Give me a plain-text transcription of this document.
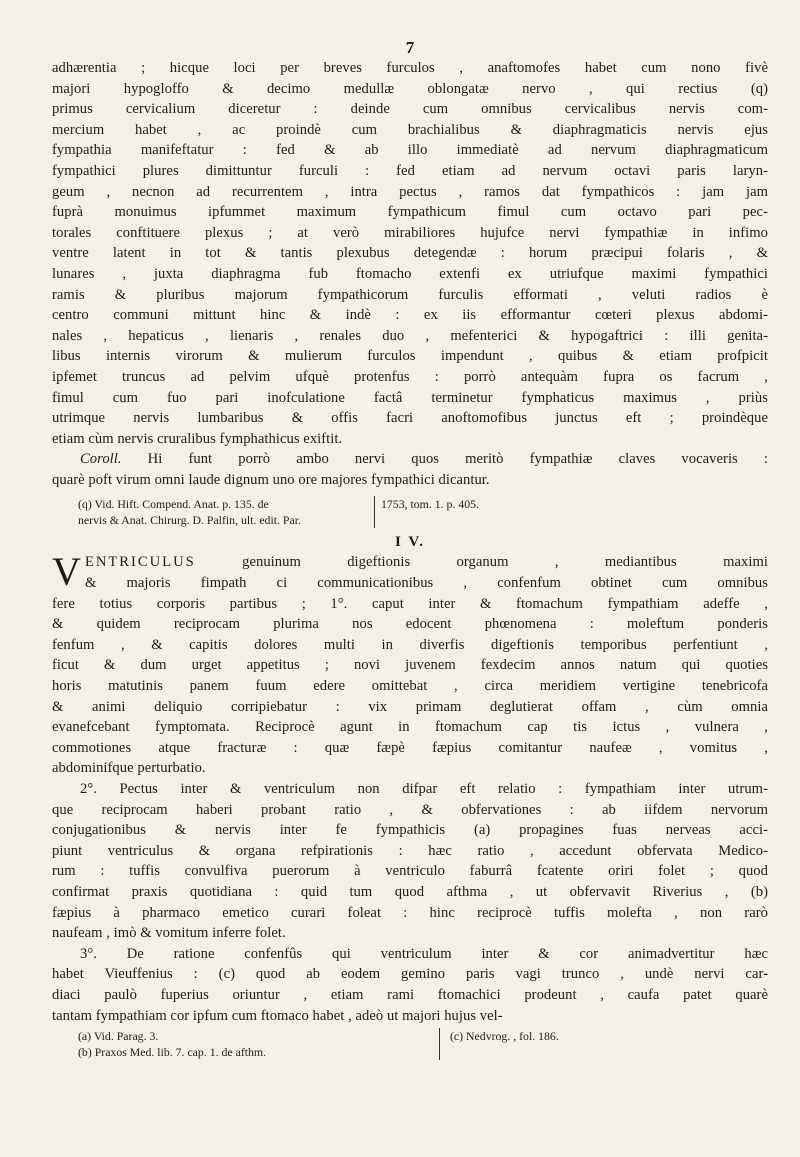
7
adhærentia ; hicque loci per breves furculos , anaftomofes habet cum nono fivè
majori hypogloffo & decimo medullæ oblongatæ nervo , qui rectius (q)
primus cervicalium diceretur : deinde cum omnibus cervicalibus nervis com-
mercium habet , ac proindè cum brachialibus & diaphragmaticis nervis ejus
fympathia manifeftatur : fed & ab illo immediatè ad nervum diaphragmaticum
fympathici plures dimittuntur furculi : fed etiam ad nervum octavi paris laryn-
geum , necnon ad recurrentem , intra pectus , ramos dat fympathicos : jam jam
fuprà monuimus ipfummet maximum fympathicum fimul cum octavo pari pec-
torales conftituere plexus ; at verò mirabiliores hujufce nervi fympathiæ in infimo
ventre latent in tot & tantis plexubus detegendæ : horum præcipui folaris , &
lunares , juxta diaphragma fub ftomacho extenfi ex utriufque maximi fympathici
ramis & pluribus majorum fympathicorum furculis efformati , veluti radios è
centro communi mittunt hinc & indè : ex iis efformantur cœteri plexus abdomi-
nales , hepaticus , lienaris , renales duo , mefenterici & hypogaftrici : illi genita-
libus internis virorum & mulierum furculos impendunt , quibus & etiam profpicit
ipfemet truncus ad pelvim ufquè protenfus : porrò antequàm fupra os facrum ,
fimul cum fuo pari inofculatione factâ terminetur fymphaticus maximus , priùs
utrimque nervis lumbaribus & offis facri anoftomofibus junctus eft ; proindèque
etiam cùm nervis cruralibus fymphathicus exiftit.
Coroll. Hi funt porrò ambo nervi quos meritò fympathiæ claves vocaveris :
quarè poft virum omni laude dignum uno ore majores fympathici dicantur.
(q) Vid. Hift. Compend. Anat. p. 135. de
nervis & Anat. Chirurg. D. Palfin, ult. edit. Par.
1753, tom. 1. p. 405.
I V.
V ENTRICULUS genuinum digeftionis organum , mediantibus maximi
& majoris fimpath ci communicationibus , confenfum obtinet cum omnibus
fere totius corporis partibus ; 1°. caput inter & ftomachum fympathiam adeffe ,
& quidem reciprocam plurima nos edocent phœnomena : moleftum ponderis
fenfum , & capitis dolores multi in diverfis digeftionis temporibus perfentiunt ,
ficut & dum urget appetitus ; novi juvenem fexdecim annos natum qui quoties
horis matutinis panem fuum edere omittebat , circa meridiem vertigine tenebricofa
& animi deliquio corripiebatur : vix primam deglutierat offam , cùm omnia
evanefcebant fymptomata. Reciprocè agunt in ftomachum cap tis ictus , vulnera ,
commotiones atque fracturæ : quæ fæpè fæpius comitantur naufeæ , vomitus ,
abdominifque perturbatio.
2°. Pectus inter & ventriculum non difpar eft relatio : fympathiam inter utrum-
que reciprocam haberi probant ratio , & obfervationes : ab iifdem nervorum
conjugationibus & nervis inter fe fympathicis (a) propagines fuas nerveas acci-
piunt ventriculus & organa refpirationis : hæc ratio , accedunt obfervata Medico-
rum : tuffis convulfiva puerorum à ventriculo faburrâ fcatente oriri folet ; quod
confirmat praxis quotidiana : quid tum quod afthma , ut obfervavit Riverius , (b)
fæpius à pharmaco emetico curari foleat : hinc reciprocè tuffis molefta , non rarò
naufeam , imò & vomitum inferre folet.
3°. De ratione confenfûs qui ventriculum inter & cor animadvertitur hæc
habet Vieuffenius : (c) quod ab eodem gemino paris vagi trunco , undè nervi car-
diaci paulò fuperius oriuntur , etiam rami ftomachici prodeunt , caufa patet quarè
tantam fympathiam cor ipfum cum ftomaco habet , adeò ut majori hujus vel-
(a) Vid. Parag. 3.
(b) Praxos Med. lib. 7. cap. 1. de afthm.
(c) Nedvrog. , fol. 186.
